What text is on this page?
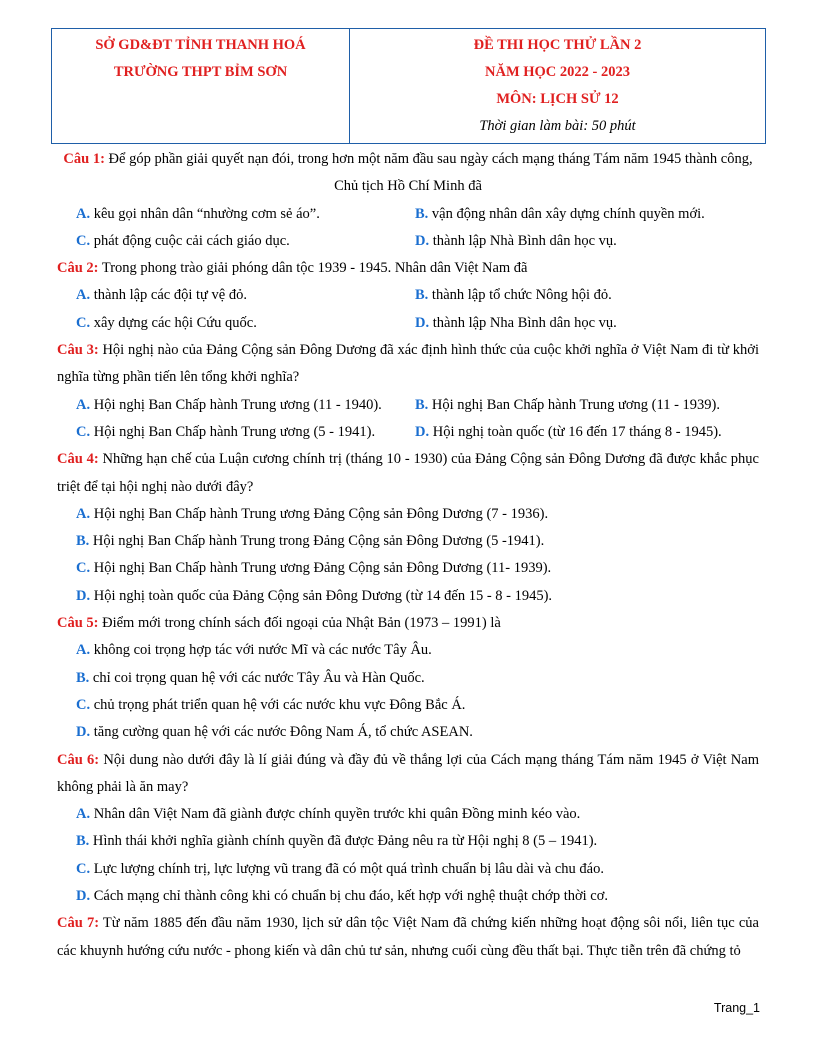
SỞ GD&ĐT TỈNH THANH HOÁ
TRƯỜNG THPT BỈM SƠN
ĐỀ THI HỌC THỬ LẦN 2
NĂM HỌC 2022 - 2023
MÔN: LỊCH SỬ 12
Thời gian làm bài: 50 phút
Câu 1: Để góp phần giải quyết nạn đói, trong hơn một năm đầu sau ngày cách mạng tháng Tám năm 1945 thành công, Chủ tịch Hồ Chí Minh đã
A. kêu gọi nhân dân “nhường cơm sẻ áo”.	B. vận động nhân dân xây dựng chính quyền mới.
C. phát động cuộc cải cách giáo dục.	D. thành lập Nhà Bình dân học vụ.
Câu 2: Trong phong trào giải phóng dân tộc 1939 - 1945. Nhân dân Việt Nam đã
A. thành lập các đội tự vệ đỏ.	B. thành lập tổ chức Nông hội đỏ.
C. xây dựng các hội Cứu quốc.	D. thành lập Nha Bình dân học vụ.
Câu 3: Hội nghị nào của Đảng Cộng sản Đông Dương đã xác định hình thức của cuộc khởi nghĩa ở Việt Nam đi từ khởi nghĩa từng phần tiến lên tổng khởi nghĩa?
A. Hội nghị Ban Chấp hành Trung ương (11 - 1940).	B. Hội nghị Ban Chấp hành Trung ương (11 - 1939).
C. Hội nghị Ban Chấp hành Trung ương (5 - 1941).	D. Hội nghị toàn quốc (từ 16 đến 17 tháng 8 - 1945).
Câu 4: Những hạn chế của Luận cương chính trị (tháng 10 - 1930) của Đảng Cộng sản Đông Dương đã được khắc phục triệt để tại hội nghị nào dưới đây?
A. Hội nghị Ban Chấp hành Trung ương Đảng Cộng sản Đông Dương (7 - 1936).
B. Hội nghị Ban Chấp hành Trung trong Đảng Cộng sản Đông Dương (5 -1941).
C. Hội nghị Ban Chấp hành Trung ương Đảng Cộng sản Đông Dương (11- 1939).
D. Hội nghị toàn quốc của Đảng Cộng sản Đông Dương (từ 14 đến 15 - 8 - 1945).
Câu 5: Điểm mới trong chính sách đối ngoại của Nhật Bản (1973 – 1991) là
A. không coi trọng hợp tác với nước Mĩ và các nước Tây Âu.
B. chỉ coi trọng quan hệ với các nước Tây Âu và Hàn Quốc.
C. chủ trọng phát triển quan hệ với các nước khu vực Đông Bắc Á.
D. tăng cường quan hệ với các nước Đông Nam Á, tổ chức ASEAN.
Câu 6: Nội dung nào dưới đây là lí giải đúng và đầy đủ về thắng lợi của Cách mạng tháng Tám năm 1945 ở Việt Nam không phải là ăn may?
A. Nhân dân Việt Nam đã giành được chính quyền trước khi quân Đồng minh kéo vào.
B. Hình thái khởi nghĩa giành chính quyền đã được Đảng nêu ra từ Hội nghị 8 (5 – 1941).
C. Lực lượng chính trị, lực lượng vũ trang đã có một quá trình chuẩn bị lâu dài và chu đáo.
D. Cách mạng chỉ thành công khi có chuẩn bị chu đáo, kết hợp với nghệ thuật chớp thời cơ.
Câu 7: Từ năm 1885 đến đầu năm 1930, lịch sử dân tộc Việt Nam đã chứng kiến những hoạt động sôi nổi, liên tục của các khuynh hướng cứu nước - phong kiến và dân chủ tư sản, nhưng cuối cùng đều thất bại. Thực tiễn trên đã chứng tỏ
Trang_1
